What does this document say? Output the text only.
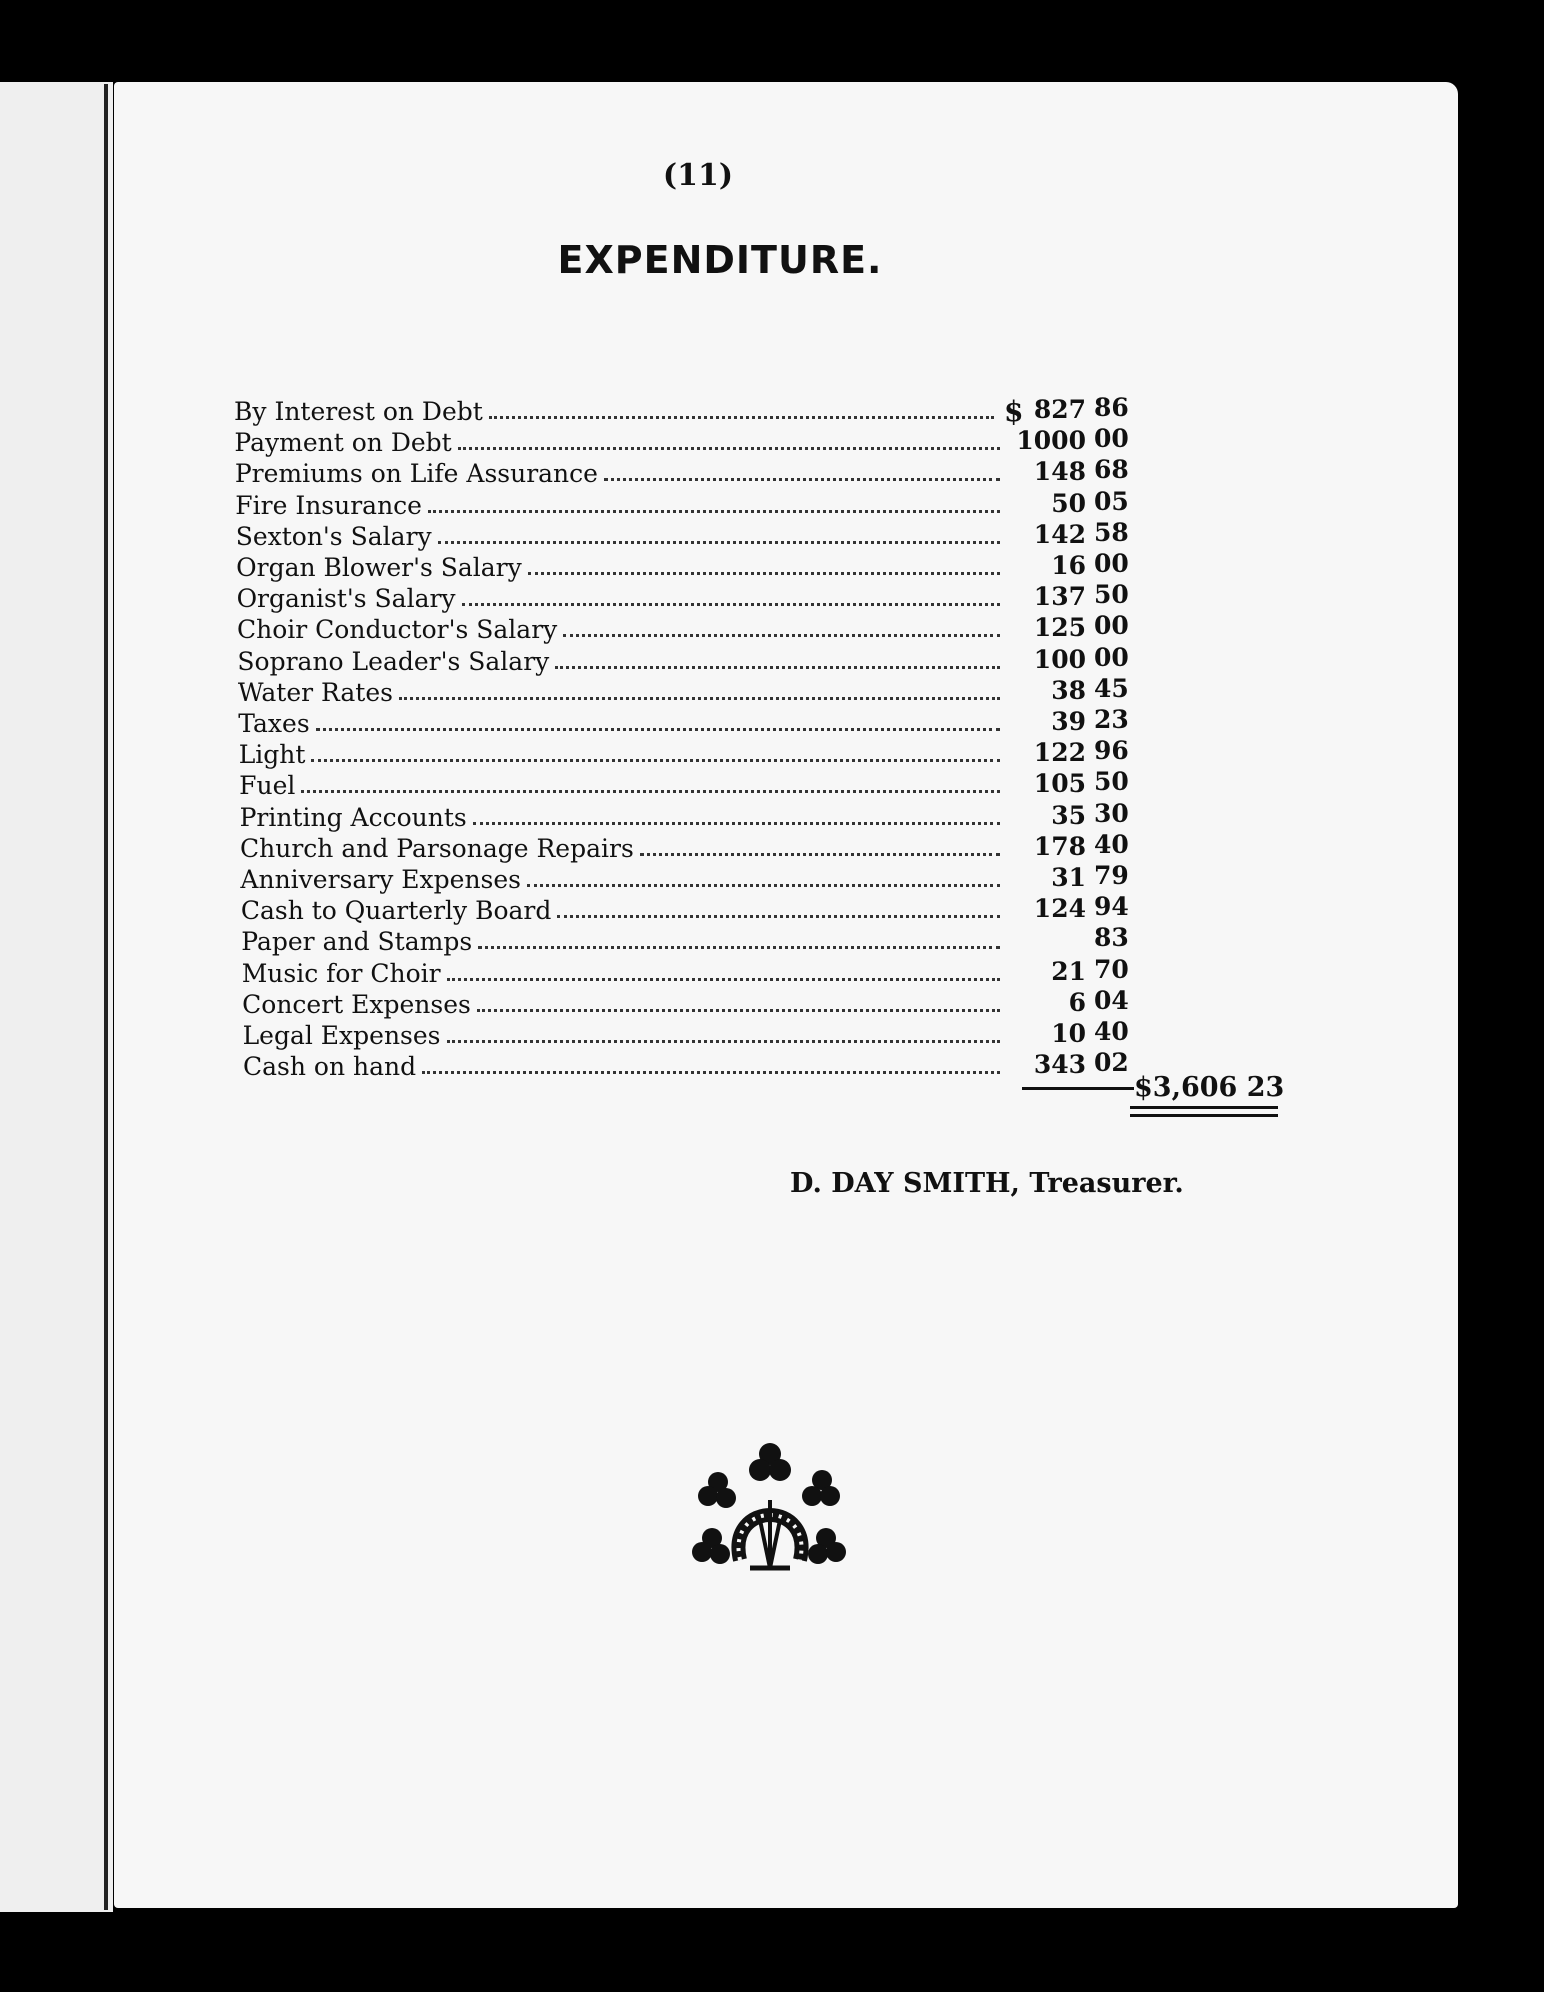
(11)
EXPENDITURE.
By Interest on Debt	$ 827 86
Payment on Debt	1000 00
Premiums on Life Assurance	148 68
Fire Insurance	50 05
Sexton's Salary	142 58
Organ Blower's Salary	16 00
Organist's Salary	137 50
Choir Conductor's Salary	125 00
Soprano Leader's Salary	100 00
Water Rates	38 45
Taxes	39 23
Light	122 96
Fuel	105 50
Printing Accounts	35 30
Church and Parsonage Repairs	178 40
Anniversary Expenses	31 79
Cash to Quarterly Board	124 94
Paper and Stamps	83
Music for Choir	21 70
Concert Expenses	6 04
Legal Expenses	10 40
Cash on hand	343 02
$3,606 23
D. DAY SMITH, Treasurer.
